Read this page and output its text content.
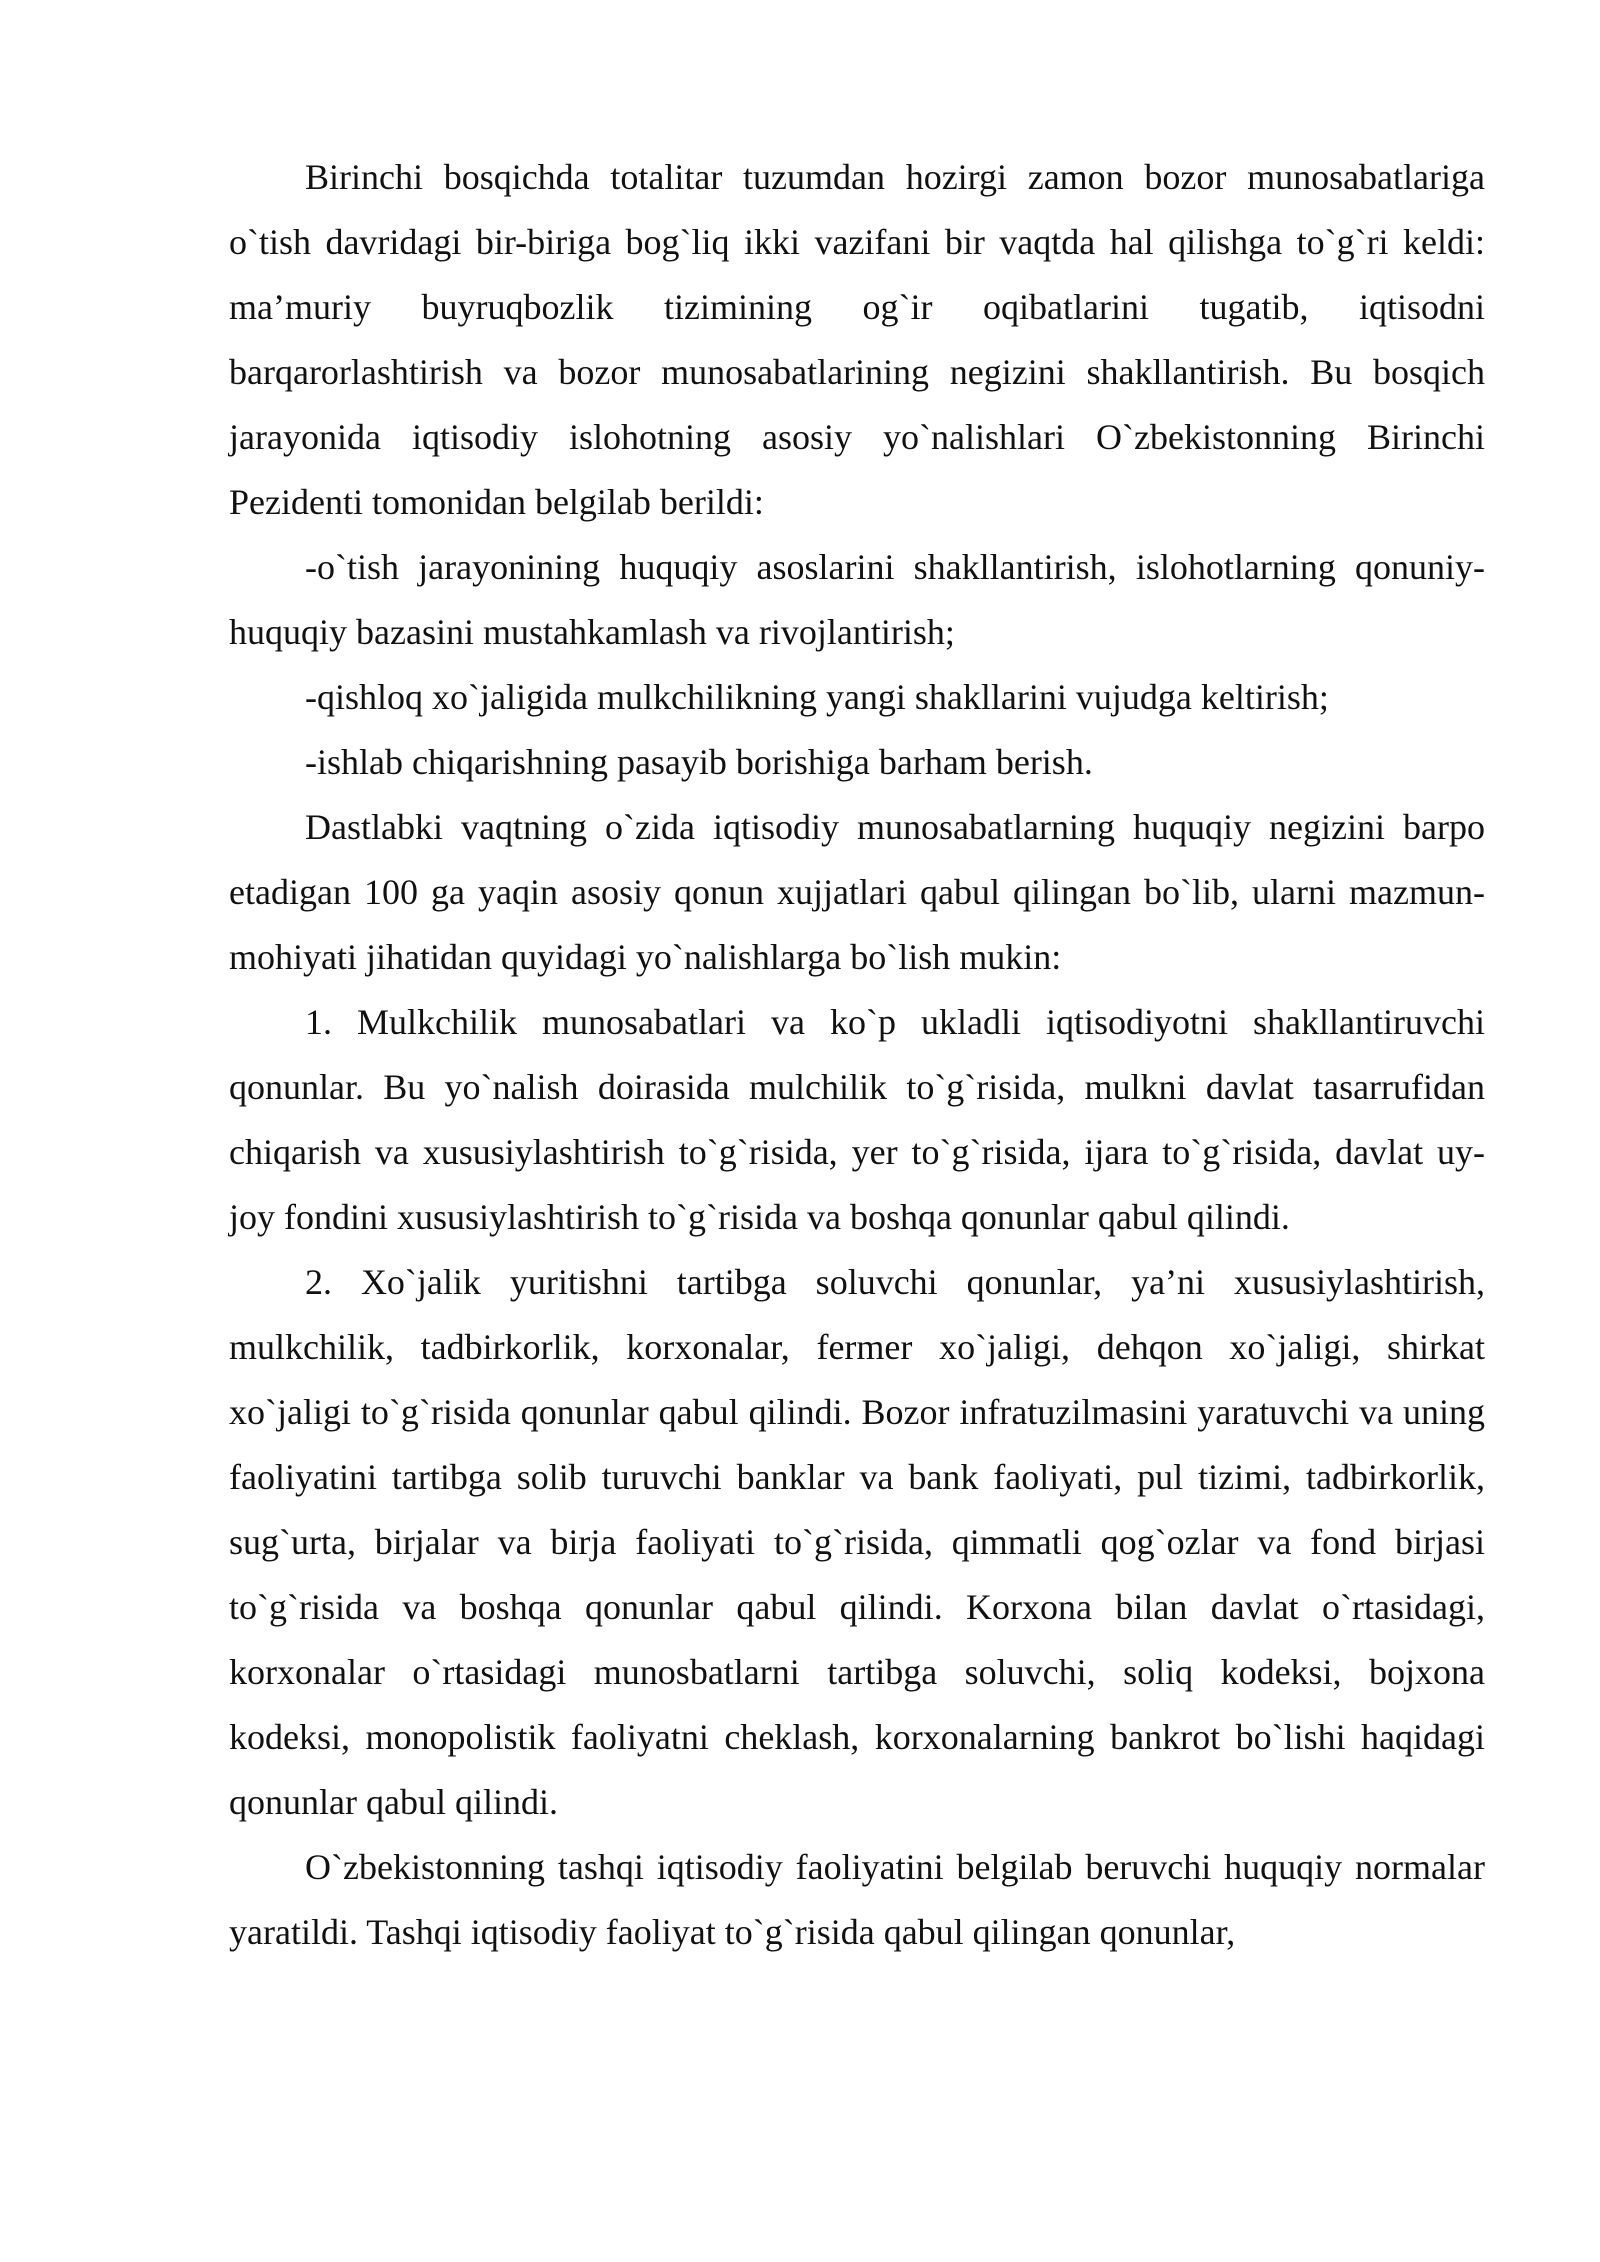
Birinchi bosqichda totalitar tuzumdan hozirgi zamon bozor munosabatlariga o`tish davridagi bir-biriga bog`liq ikki vazifani bir vaqtda hal qilishga to`g`ri keldi: ma’muriy buyruqbozlik tizimining og`ir oqibatlarini tugatib, iqtisodni barqarorlashtirish va bozor munosabatlarining negizini shakllantirish. Bu bosqich jarayonida iqtisodiy islohotning asosiy yo`nalishlari O`zbekistonning Birinchi Pezidenti tomonidan belgilab berildi:

-o`tish jarayonining huquqiy asoslarini shakllantirish, islohotlarning qonuniy-huquqiy bazasini mustahkamlash va rivojlantirish;

-qishloq xo`jaligida mulkchilikning yangi shakllarini vujudga keltirish;

-ishlab chiqarishning pasayib borishiga barham berish.

Dastlabki vaqtning o`zida iqtisodiy munosabatlarning huquqiy negizini barpo etadigan 100 ga yaqin asosiy qonun xujjatlari qabul qilingan bo`lib, ularni mazmun-mohiyati jihatidan quyidagi yo`nalishlarga bo`lish mukin:

1. Mulkchilik munosabatlari va ko`p ukladli iqtisodiyotni shakllantiruvchi qonunlar. Bu yo`nalish doirasida mulchilik to`g`risida, mulkni davlat tasarrufidan chiqarish va xususiylashtirish to`g`risida, yer to`g`risida, ijara to`g`risida, davlat uy-joy fondini xususiylashtirish to`g`risida va boshqa qonunlar qabul qilindi.

2. Xo`jalik yuritishni tartibga soluvchi qonunlar, ya’ni xususiylashtirish, mulkchilik, tadbirkorlik, korxonalar, fermer xo`jaligi, dehqon xo`jaligi, shirkat xo`jaligi to`g`risida qonunlar qabul qilindi. Bozor infratuzilmasini yaratuvchi va uning faoliyatini tartibga solib turuvchi banklar va bank faoliyati, pul tizimi, tadbirkorlik, sug`urta, birjalar va birja faoliyati to`g`risida, qimmatli qog`ozlar va fond birjasi to`g`risida va boshqa qonunlar qabul qilindi. Korxona bilan davlat o`rtasidagi, korxonalar o`rtasidagi munosbatlarni tartibga soluvchi, soliq kodeksi, bojxona kodeksi, monopolistik faoliyatni cheklash, korxonalarning bankrot bo`lishi haqidagi qonunlar qabul qilindi.

O`zbekistonning tashqi iqtisodiy faoliyatini belgilab beruvchi huquqiy normalar yaratildi. Tashqi iqtisodiy faoliyat to`g`risida qabul qilingan qonunlar,
